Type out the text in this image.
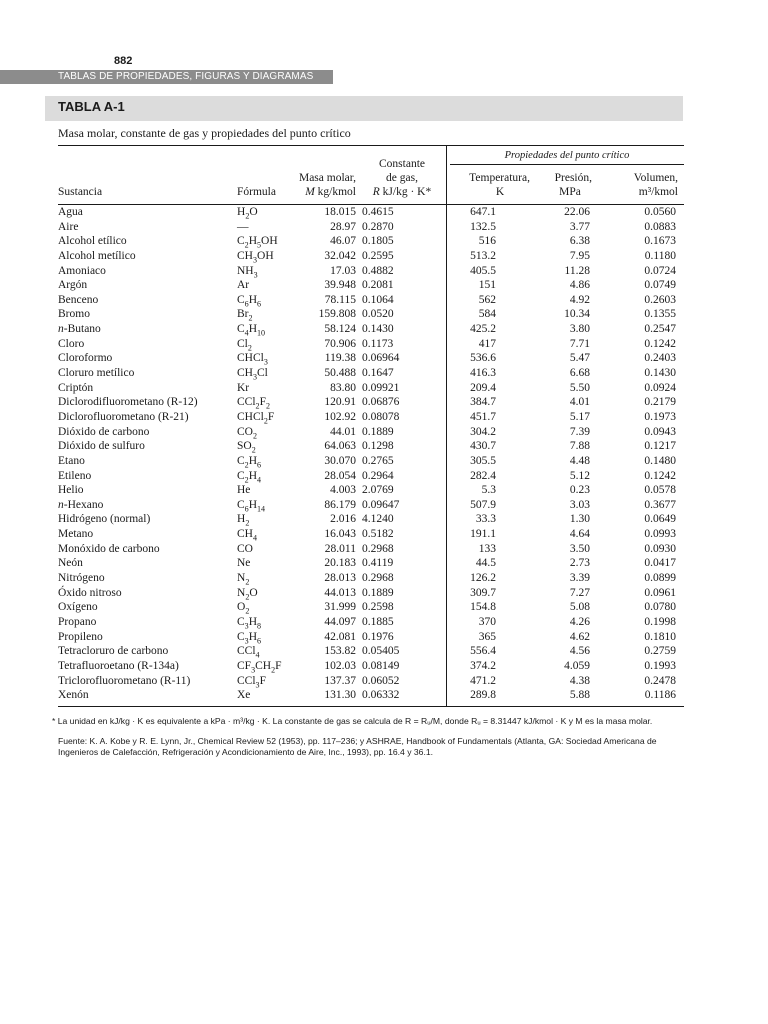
882
TABLAS DE PROPIEDADES, FIGURAS Y DIAGRAMAS (UNIDADES SI)
TABLA A-1
Masa molar, constante de gas y propiedades del punto crítico
Propiedades del punto crítico
Sustancia	Fórmula
Masa molar,
M kg/kmol
Constante
de gas,
R kJ/kg · K*
Temperatura,
K
Presión,
MPa
Volumen,
m³/kmol
Agua	$H_2O$	18.015 0.4615	647.1	22.06	0.0560
Aire	—	28.97 0.2870	132.5	3.77	0.0883
Alcohol etílico	$C_2H_5OH$	46.07 0.1805	516	6.38	0.1673
Alcohol metílico	$CH_3OH$	32.042 0.2595	513.2	7.95	0.1180
Amoniaco	$NH_3$	17.03 0.4882	405.5	11.28	0.0724
Argón	Ar	39.948 0.2081	151	4.86	0.0749
Benceno	$C_6H_6$	78.115 0.1064	562	4.92	0.2603
Bromo	$Br_2$	159.808 0.0520	584	10.34	0.1355
n-Butano	$C_4H_{10}$	58.124 0.1430	425.2	3.80	0.2547
Cloro	$Cl_2$	70.906 0.1173	417	7.71	0.1242
Cloroformo	CHCl$_3$	119.38 0.06964	536.6	5.47	0.2403
Cloruro metílico	$CH_3Cl$	50.488 0.1647	416.3	6.68	0.1430
Criptón	Kr	83.80 0.09921	209.4	5.50	0.0924
Diclorodifluorometano (R-12)	$CCl_2F_2$	120.91 0.06876	384.7	4.01	0.2179
Diclorofluorometano (R-21)	CHCl$_2$F	102.92 0.08078	451.7	5.17	0.1973
Dióxido de carbono	$CO_2$	44.01 0.1889	304.2	7.39	0.0943
Dióxido de sulfuro	$SO_2$	64.063 0.1298	430.7	7.88	0.1217
Etano	$C_2H_6$	30.070 0.2765	305.5	4.48	0.1480
Etileno	$C_2H_4$	28.054 0.2964	282.4	5.12	0.1242
Helio	He	4.003 2.0769	5.3	0.23	0.0578
n-Hexano	$C_6H_{14}$	86.179 0.09647	507.9	3.03	0.3677
Hidrógeno (normal)	$H_2$	2.016 4.1240	33.3	1.30	0.0649
Metano	$CH_4$	16.043 0.5182	191.1	4.64	0.0993
Monóxido de carbono	CO	28.011 0.2968	133	3.50	0.0930
Neón	Ne	20.183 0.4119	44.5	2.73	0.0417
Nitrógeno	$N_2$	28.013 0.2968	126.2	3.39	0.0899
Óxido nitroso	$N_2O$	44.013 0.1889	309.7	7.27	0.0961
Oxígeno	$O_2$	31.999 0.2598	154.8	5.08	0.0780
Propano	$C_3H_8$	44.097 0.1885	370	4.26	0.1998
Propileno	$C_3H_6$	42.081 0.1976	365	4.62	0.1810
Tetracloruro de carbono	CCl$_4$	153.82 0.05405	556.4	4.56	0.2759
Tetrafluoroetano (R-134a)	$CF_3CH_2F$	102.03 0.08149	374.2	4.059	0.1993
Triclorofluorometano (R-11)	CCl$_3$F	137.37 0.06052	471.2	4.38	0.2478
Xenón	Xe	131.30 0.06332	289.8	5.88	0.1186
* La unidad en kJ/kg · K es equivalente a kPa · m³/kg · K. La constante de gas se calcula de R = Rᵤ/M, donde Rᵤ = 8.31447 kJ/kmol · K y M es la masa molar.
Fuente: K. A. Kobe y R. E. Lynn, Jr., Chemical Review 52 (1953), pp. 117–236; y ASHRAE, Handbook of Fundamentals (Atlanta, GA: Sociedad Americana de Ingenieros de Calefacción, Refrigeración y Acondicionamiento de Aire, Inc., 1993), pp. 16.4 y 36.1.
